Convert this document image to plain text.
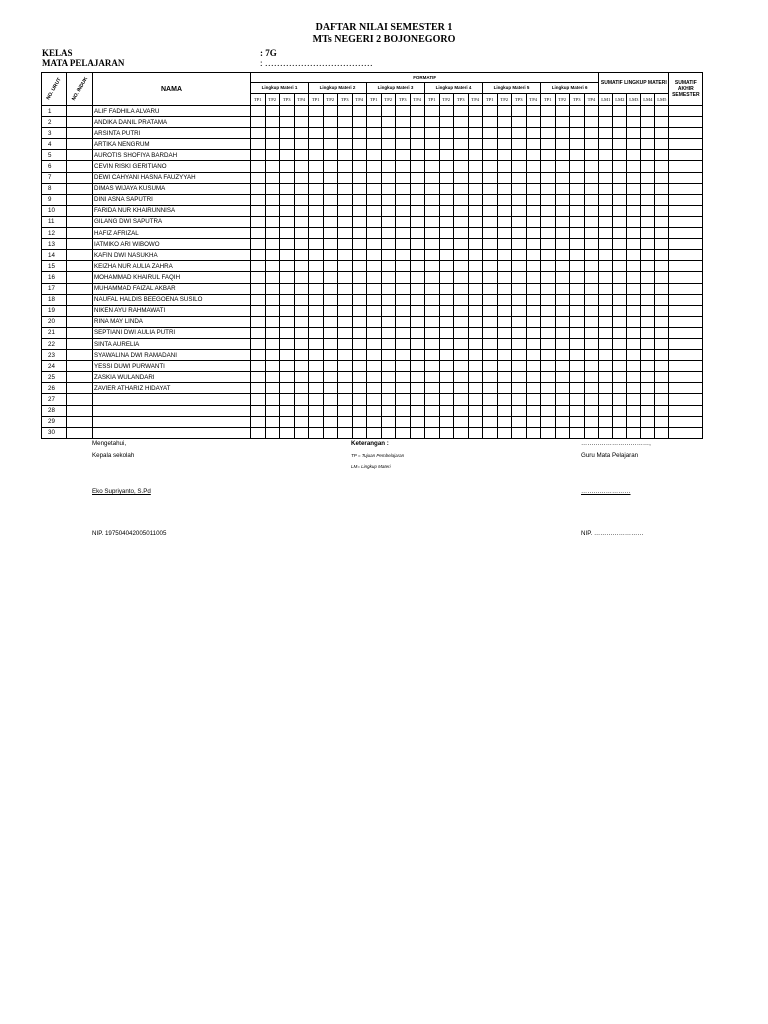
DAFTAR NILAI SEMESTER 1
MTs NEGERI 2 BOJONEGORO
KELAS	: 7G
MATA PELAJARAN	: ………………………………
NO. URUT	NO. INDUK	NAMA	FORMATIF																								SUMATIF LINGKUP MATERI					SUMATIF AKHIR SEMESTER
			Lingkup Materi 1				Lingkup Materi 2				Lingkup Materi 3				Lingkup Materi 4				Lingkup Materi 5				Lingkup Materi 6									
			TP1	TP2	TP3	TP4	TP1	TP2	TP3	TP4	TP1	TP2	TP3	TP4	TP1	TP2	TP3	TP4	TP1	TP2	TP3	TP4	TP1	TP2	TP3	TP4	LM1	LM2	LM3	LM4	LM5	
1		ALIF FADHILA ALVARU																														
2		ANDIKA DANIL PRATAMA																														
3		ARSINTA PUTRI																														
4		ARTIKA NENGRUM																														
5		AUROTIS SHOFIYA BARDAH																														
6		CEVIN RISKI GERITIANO																														
7		DEWI CAHYANI HASNA FAUZYYAH																														
8		DIMAS WIJAYA KUSUMA																														
9		DINI ASNA SAPUTRI																														
10		FARIDA NUR KHAIRUNNISA																														
11		GILANG DWI SAPUTRA																														
12		HAFIZ AFRIZAL																														
13		IATMIKO ARI WIBOWO																														
14		KAFIN DWI NASUKHA																														
15		KEIZHA NUR AULIA ZAHRA																														
16		MOHAMMAD KHAIRUL FAQIH																														
17		MUHAMMAD FAIZAL AKBAR																														
18		NAUFAL HALDIS BEEGOENA SUSILO																														
19		NIKEN AYU RAHMAWATI																														
20		RINA MAY LINDA																														
21		SEPTIANI DWI AULIA PUTRI																														
22		SINTA AURELIA																														
23		SYAWALINA DWI RAMADANI																														
24		YESSI DUWI PURWANTI																														
25		ZASKIA WULANDARI																														
26		ZAVIER ATHARIZ HIDAYAT																														
27																																
28																																
29																																
30																																
Mengetahui,
Kepala sekolah
Eko Supriyanto, S.Pd
NIP. 197504042005011005
Keterangan :
TP = Tujuan Pembelajaran
LM= Lingkup Materi
……………………………,
Guru Mata Pelajaran
……………………
NIP. ……………………
